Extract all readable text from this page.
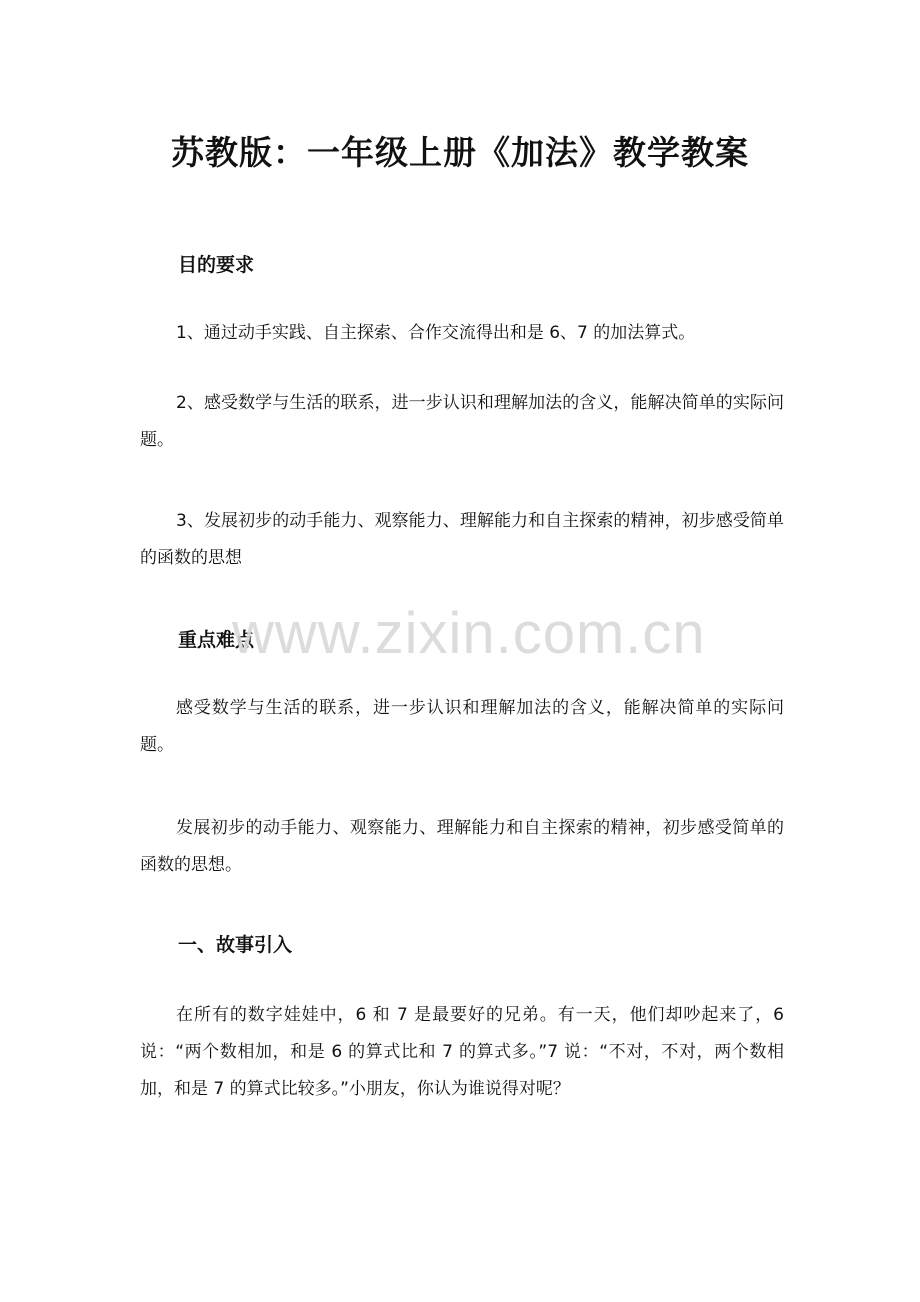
苏教版：一年级上册《加法》教学教案
目的要求
1、通过动手实践、自主探索、合作交流得出和是 6、7 的加法算式。
2、感受数学与生活的联系，进一步认识和理解加法的含义，能解决简单的实际问题。
3、发展初步的动手能力、观察能力、理解能力和自主探索的精神，初步感受简单的函数的思想
重点难点
感受数学与生活的联系，进一步认识和理解加法的含义，能解决简单的实际问题。
发展初步的动手能力、观察能力、理解能力和自主探索的精神，初步感受简单的函数的思想。
一、故事引入
在所有的数字娃娃中，6 和 7 是最要好的兄弟。有一天，他们却吵起来了，6 说：“两个数相加，和是 6 的算式比和 7 的算式多。”7 说：“不对，不对，两个数相加，和是 7 的算式比较多。”小朋友，你认为谁说得对呢？
www.zixin.com.cn
